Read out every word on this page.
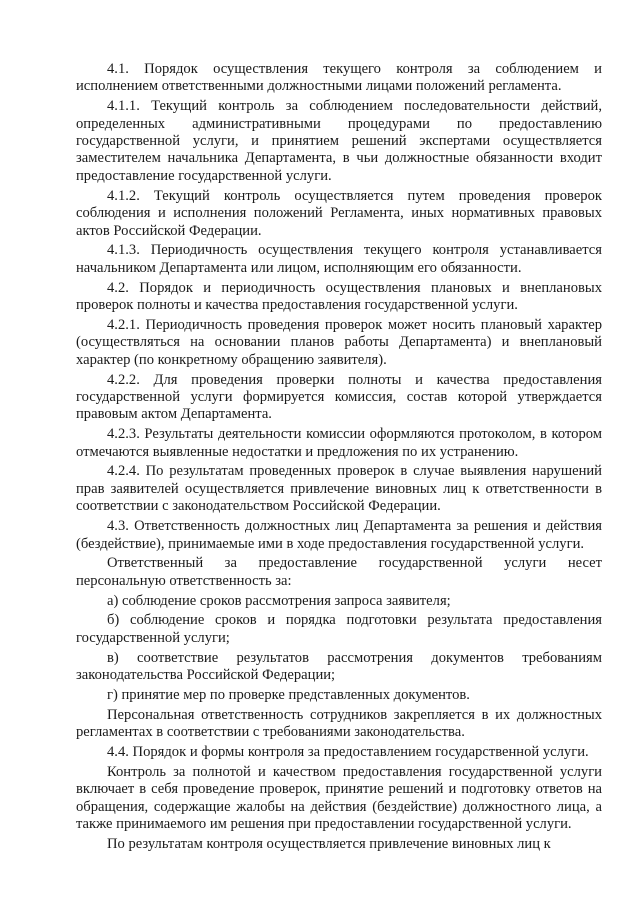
4.1. Порядок осуществления текущего контроля за соблюдением и исполнением ответственными должностными лицами положений регламента.

4.1.1. Текущий контроль за соблюдением последовательности действий, определенных административными процедурами по предоставлению государственной услуги, и принятием решений экспертами осуществляется заместителем начальника Департамента, в чьи должностные обязанности входит предоставление государственной услуги.

4.1.2. Текущий контроль осуществляется путем проведения проверок соблюдения и исполнения положений Регламента, иных нормативных правовых актов Российской Федерации.

4.1.3. Периодичность осуществления текущего контроля устанавливается начальником Департамента или лицом, исполняющим его обязанности.

4.2. Порядок и периодичность осуществления плановых и внеплановых проверок полноты и качества предоставления государственной услуги.

4.2.1. Периодичность проведения проверок может носить плановый характер (осуществляться на основании планов работы Департамента) и внеплановый характер (по конкретному обращению заявителя).

4.2.2. Для проведения проверки полноты и качества предоставления государственной услуги формируется комиссия, состав которой утверждается правовым актом Департамента.

4.2.3. Результаты деятельности комиссии оформляются протоколом, в котором отмечаются выявленные недостатки и предложения по их устранению.

4.2.4. По результатам проведенных проверок в случае выявления нарушений прав заявителей осуществляется привлечение виновных лиц к ответственности в соответствии с законодательством Российской Федерации.

4.3. Ответственность должностных лиц Департамента за решения и действия (бездействие), принимаемые ими в ходе предоставления государственной услуги.

Ответственный за предоставление государственной услуги несет персональную ответственность за:

а) соблюдение сроков рассмотрения запроса заявителя;

б) соблюдение сроков и порядка подготовки результата предоставления государственной услуги;

в) соответствие результатов рассмотрения документов требованиям законодательства Российской Федерации;

г) принятие мер по проверке представленных документов.

Персональная ответственность сотрудников закрепляется в их должностных регламентах в соответствии с требованиями законодательства.

4.4. Порядок и формы контроля за предоставлением государственной услуги.

Контроль за полнотой и качеством предоставления государственной услуги включает в себя проведение проверок, принятие решений и подготовку ответов на обращения, содержащие жалобы на действия (бездействие) должностного лица, а также принимаемого им решения при предоставлении государственной услуги.

По результатам контроля осуществляется привлечение виновных лиц к
